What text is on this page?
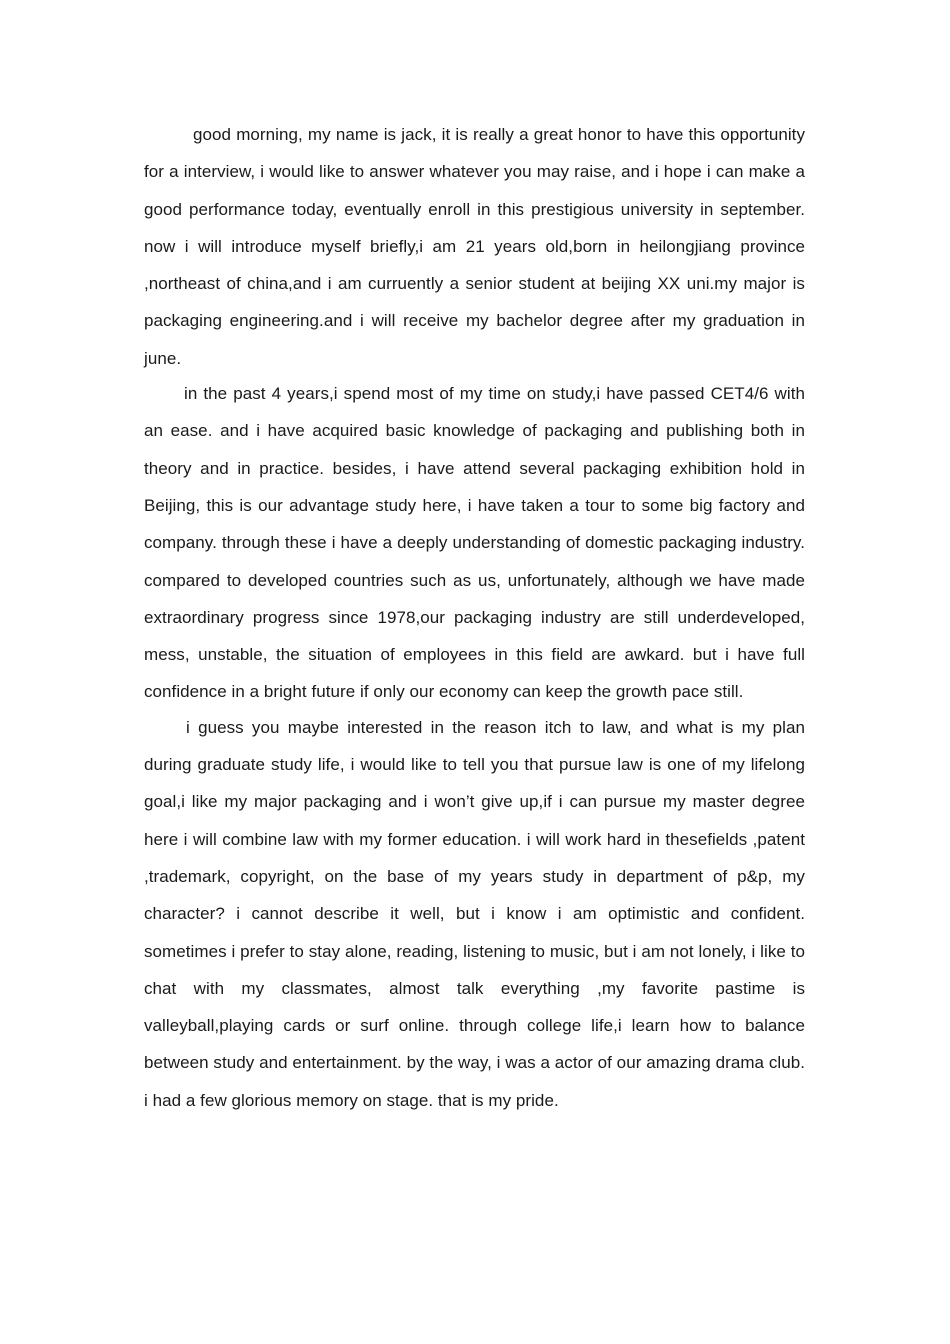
good morning, my name is jack, it is really a great honor to have this opportunity for a interview, i would like to answer whatever you may raise, and i hope i can make a good performance today, eventually enroll in this prestigious university in september. now i will introduce myself briefly,i am 21 years old,born in heilongjiang province ,northeast of china,and i am curruently a senior student at beijing XX uni.my major is packaging engineering.and i will receive my bachelor degree after my graduation in june.

in the past 4 years,i spend most of my time on study,i have passed CET4/6 with an ease. and i have acquired basic knowledge of packaging and publishing both in theory and in practice. besides, i have attend several packaging exhibition hold in Beijing, this is our advantage study here, i have taken a tour to some big factory and company. through these i have a deeply understanding of domestic packaging industry. compared to developed countries such as us, unfortunately, although we have made extraordinary progress since 1978,our packaging industry are still underdeveloped, mess, unstable, the situation of employees in this field are awkard. but i have full confidence in a bright future if only our economy can keep the growth pace still.

i guess you maybe interested in the reason itch to law, and what is my plan during graduate study life, i would like to tell you that pursue law is one of my lifelong goal,i like my major packaging and i won’t give up,if i can pursue my master degree here i will combine law with my former education. i will work hard in thesefields ,patent ,trademark, copyright, on the base of my years study in department of p&p, my character? i cannot describe it well, but i know i am optimistic and confident. sometimes i prefer to stay alone, reading, listening to music, but i am not lonely, i like to chat with my classmates, almost talk everything ,my favorite pastime is valleyball,playing cards or surf online. through college life,i learn how to balance between study and entertainment. by the way, i was a actor of our amazing drama club. i had a few glorious memory on stage. that is my pride.
